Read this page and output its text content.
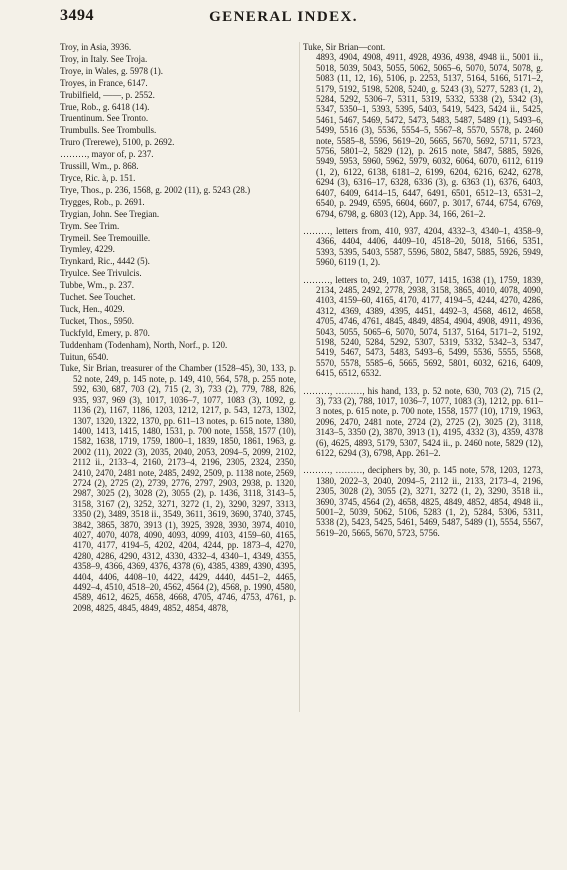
3494	GENERAL INDEX.

Troy, in Asia, 3936.

Troy, in Italy. See Troja.

Troye, in Wales, g. 5978 (1).

Troyes, in France, 6147.

Trubilfield, ——, p. 2552.

True, Rob., g. 6418 (14).

Truentinum. See Tronto.

Trumbulls. See Trombulls.

Truro (Trerewe), 5100, p. 2692.

………, mayor of, p. 237.

Trussill, Wm., p. 868.

Tryce, Ric. à, p. 151.

Trye, Thos., p. 236, 1568, g. 2002 (11), g. 5243 (28.)

Trygges, Rob., p. 2691.

Trygian, John. See Tregian.

Trym. See Trim.

Trymeil. See Tremouille.

Trymley, 4229.

Trynkard, Ric., 4442 (5).

Tryulce. See Trivulcis.

Tubbe, Wm., p. 237.

Tuchet. See Touchet.

Tuck, Hen., 4029.

Tucket, Thos., 5950.

Tuckfyld, Emery, p. 870.

Tuddenham (Todenham), North, Norf., p. 120.

Tuitun, 6540.

Tuke, Sir Brian, treasurer of the Chamber (1528–45), 30, 133, p. 52 note, 249, p. 145 note, p. 149, 410, 564, 578, p. 255 note, 592, 630, 687, 703 (2), 715 (2, 3), 733 (2), 779, 788, 826, 935, 937, 969 (3), 1017, 1036–7, 1077, 1083 (3), 1092, g. 1136 (2), 1167, 1186, 1203, 1212, 1217, p. 543, 1273, 1302, 1307, 1320, 1322, 1370, pp. 611–13 notes, p. 615 note, 1380, 1400, 1413, 1415, 1480, 1531, p. 700 note, 1558, 1577 (10), 1582, 1638, 1719, 1759, 1800–1, 1839, 1850, 1861, 1963, g. 2002 (11), 2022 (3), 2035, 2040, 2053, 2094–5, 2099, 2102, 2112 ii., 2133–4, 2160, 2173–4, 2196, 2305, 2324, 2350, 2410, 2470, 2481 note, 2485, 2492, 2509, p. 1138 note, 2569, 2724 (2), 2725 (2), 2739, 2776, 2797, 2903, 2938, p. 1320, 2987, 3025 (2), 3028 (2), 3055 (2), p. 1436, 3118, 3143–5, 3158, 3167 (2), 3252, 3271, 3272 (1, 2), 3290, 3297, 3313, 3350 (2), 3489, 3518 ii., 3549, 3611, 3619, 3690, 3740, 3745, 3842, 3865, 3870, 3913 (1), 3925, 3928, 3930, 3974, 4010, 4027, 4070, 4078, 4090, 4093, 4099, 4103, 4159–60, 4165, 4170, 4177, 4194–5, 4202, 4204, 4244, pp. 1873–4, 4270, 4280, 4286, 4290, 4312, 4330, 4332–4, 4340–1, 4349, 4355, 4358–9, 4366, 4369, 4376, 4378 (6), 4385, 4389, 4390, 4395, 4404, 4406, 4408–10, 4422, 4429, 4440, 4451–2, 4465, 4492–4, 4510, 4518–20, 4562, 4564 (2), 4568, p. 1990, 4580, 4589, 4612, 4625, 4658, 4668, 4705, 4746, 4753, 4761, p. 2098, 4825, 4845, 4849, 4852, 4854, 4878,

Tuke, Sir Brian—cont.

4893, 4904, 4908, 4911, 4928, 4936, 4938, 4948 ii., 5001 ii., 5018, 5039, 5043, 5055, 5062, 5065–6, 5070, 5074, 5078, g. 5083 (11, 12, 16), 5106, p. 2253, 5137, 5164, 5166, 5171–2, 5179, 5192, 5198, 5208, 5240, g. 5243 (3), 5277, 5283 (1, 2), 5284, 5292, 5306–7, 5311, 5319, 5332, 5338 (2), 5342 (3), 5347, 5350–1, 5393, 5395, 5403, 5419, 5423, 5424 ii., 5425, 5461, 5467, 5469, 5472, 5473, 5483, 5487, 5489 (1), 5493–6, 5499, 5516 (3), 5536, 5554–5, 5567–8, 5570, 5578, p. 2460 note, 5585–8, 5596, 5619–20, 5665, 5670, 5692, 5711, 5723, 5756, 5801–2, 5829 (12), p. 2615 note, 5847, 5885, 5926, 5949, 5953, 5960, 5962, 5979, 6032, 6064, 6070, 6112, 6119 (1, 2), 6122, 6138, 6181–2, 6199, 6204, 6216, 6242, 6278, 6294 (3), 6316–17, 6328, 6336 (3), g. 6363 (1), 6376, 6403, 6407, 6409, 6414–15, 6447, 6491, 6501, 6512–13, 6531–2, 6540, p. 2949, 6595, 6604, 6607, p. 3017, 6744, 6754, 6769, 6794, 6798, g. 6803 (12), App. 34, 166, 261–2.

………, letters from, 410, 937, 4204, 4332–3, 4340–1, 4358–9, 4366, 4404, 4406, 4409–10, 4518–20, 5018, 5166, 5351, 5393, 5395, 5403, 5587, 5596, 5802, 5847, 5885, 5926, 5949, 5960, 6119 (1, 2).

………, letters to, 249, 1037, 1077, 1415, 1638 (1), 1759, 1839, 2134, 2485, 2492, 2778, 2938, 3158, 3865, 4010, 4078, 4090, 4103, 4159–60, 4165, 4170, 4177, 4194–5, 4244, 4270, 4286, 4312, 4369, 4389, 4395, 4451, 4492–3, 4568, 4612, 4658, 4705, 4746, 4761, 4845, 4849, 4854, 4904, 4908, 4911, 4936, 5043, 5055, 5065–6, 5070, 5074, 5137, 5164, 5171–2, 5192, 5198, 5240, 5284, 5292, 5307, 5319, 5332, 5342–3, 5347, 5419, 5467, 5473, 5483, 5493–6, 5499, 5536, 5555, 5568, 5570, 5578, 5585–6, 5665, 5692, 5801, 6032, 6216, 6409, 6415, 6512, 6532.

………, ………, his hand, 133, p. 52 note, 630, 703 (2), 715 (2, 3), 733 (2), 788, 1017, 1036–7, 1077, 1083 (3), 1212, pp. 611–3 notes, p. 615 note, p. 700 note, 1558, 1577 (10), 1719, 1963, 2096, 2470, 2481 note, 2724 (2), 2725 (2), 3025 (2), 3118, 3143–5, 3350 (2), 3870, 3913 (1), 4195, 4332 (3), 4359, 4378 (6), 4625, 4893, 5179, 5307, 5424 ii., p. 2460 note, 5829 (12), 6122, 6294 (3), 6798, App. 261–2.

………, ………, deciphers by, 30, p. 145 note, 578, 1203, 1273, 1380, 2022–3, 2040, 2094–5, 2112 ii., 2133, 2173–4, 2196, 2305, 3028 (2), 3055 (2), 3271, 3272 (1, 2), 3290, 3518 ii., 3690, 3745, 4564 (2), 4658, 4825, 4849, 4852, 4854, 4948 ii., 5001–2, 5039, 5062, 5106, 5283 (1, 2), 5284, 5306, 5311, 5338 (2), 5423, 5425, 5461, 5469, 5487, 5489 (1), 5554, 5567, 5619–20, 5665, 5670, 5723, 5756.
